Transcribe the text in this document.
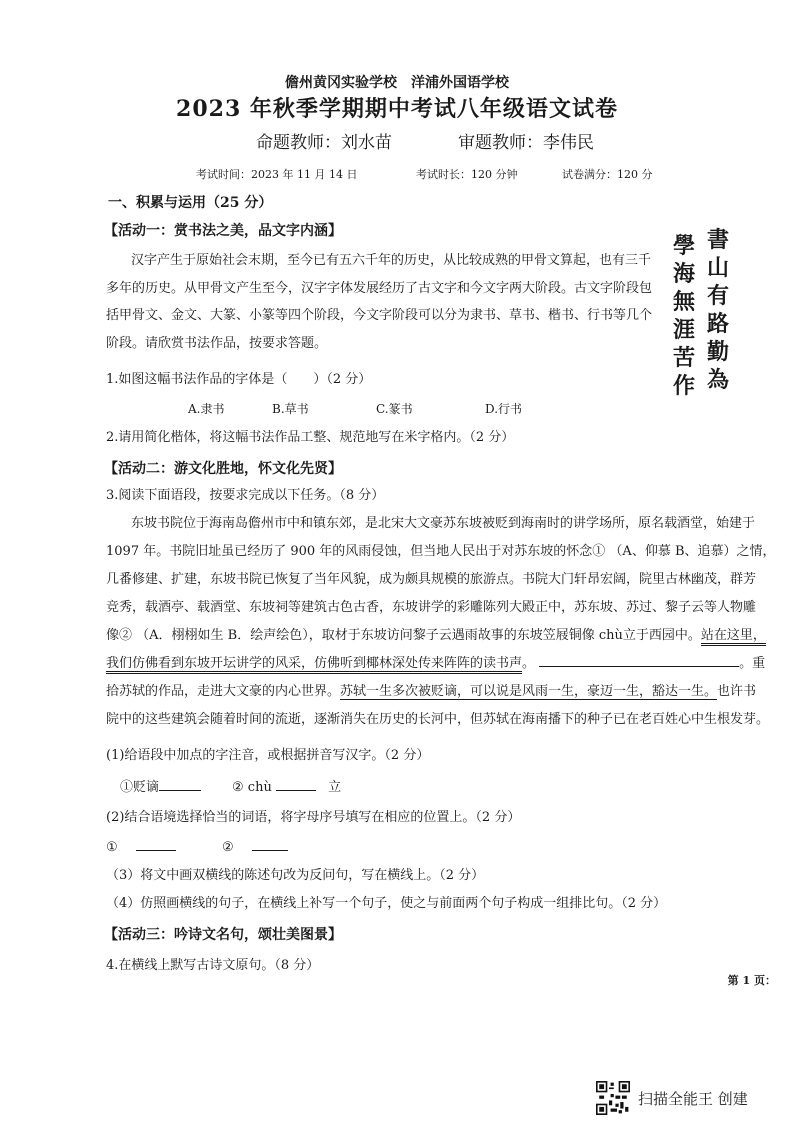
儋州黄冈实验学校　洋浦外国语学校
2023 年秋季学期期中考试八年级语文试卷
命题教师：刘水苗	审题教师：李伟民
考试时间：2023 年 11 月 14 日	考试时长：120 分钟	试卷满分：120 分
一、积累与运用（25 分）
【活动一：赏书法之美，品文字内涵】
汉字产生于原始社会末期，至今已有五六千年的历史，从比较成熟的甲骨文算起，也有三千
多年的历史。从甲骨文产生至今，汉字字体发展经历了古文字和今文字两大阶段。古文字阶段包
括甲骨文、金文、大篆、小篆等四个阶段，今文字阶段可以分为隶书、草书、楷书、行书等几个
阶段。请欣赏书法作品，按要求答题。
書
山
有
路
勤
為
學
海
無
涯
苦
作
1.如图这幅书法作品的字体是（　　）（2 分）
A.隶书	B.草书	C.篆书	D.行书
2.请用简化楷体，将这幅书法作品工整、规范地写在米字格内。（2 分）
【活动二：游文化胜地，怀文化先贤】
3.阅读下面语段，按要求完成以下任务。（8 分）
东坡书院位于海南岛儋州市中和镇东郊，是北宋大文豪苏东坡被贬到海南时的讲学场所，原名载酒堂，始建于
1097 年。书院旧址虽已经历了 900 年的风雨侵蚀，但当地人民出于对苏东坡的怀念① （A、仰慕 B、追慕）之情，
几番修建、扩建，东坡书院已恢复了当年风貌，成为颇具规模的旅游点。书院大门轩昂宏阔，院里古林幽茂，群芳
竞秀，载酒亭、载酒堂、东坡祠等建筑古色古香，东坡讲学的彩雕陈列大殿正中，苏东坡、苏过、黎子云等人物雕
像② （A．栩栩如生 B．绘声绘色），取材于东坡访问黎子云遇雨故事的东坡笠屐铜像 chù立于西园中。站在这里，
我们仿佛看到东坡开坛讲学的风采，仿佛听到椰林深处传来阵阵的读书声。	。重
拾苏轼的作品，走进大文豪的内心世界。苏轼一生多次被贬谪，可以说是风雨一生，豪迈一生，豁达一生。也许书
院中的这些建筑会随着时间的流逝，逐渐消失在历史的长河中，但苏轼在海南播下的种子已在老百姓心中生根发芽。
(1)给语段中加点的字注音，或根据拼音写汉字。（2 分）
①贬谪	② chù	立
(2)结合语境选择恰当的词语，将字母序号填写在相应的位置上。（2 分）
①	②
（3）将文中画双横线的陈述句改为反问句，写在横线上。（2 分）
（4）仿照画横线的句子，在横线上补写一个句子，使之与前面两个句子构成一组排比句。（2 分）
【活动三：吟诗文名句，颂壮美图景】
4.在横线上默写古诗文原句。（8 分）
第 1 页：
扫描全能王 创建
